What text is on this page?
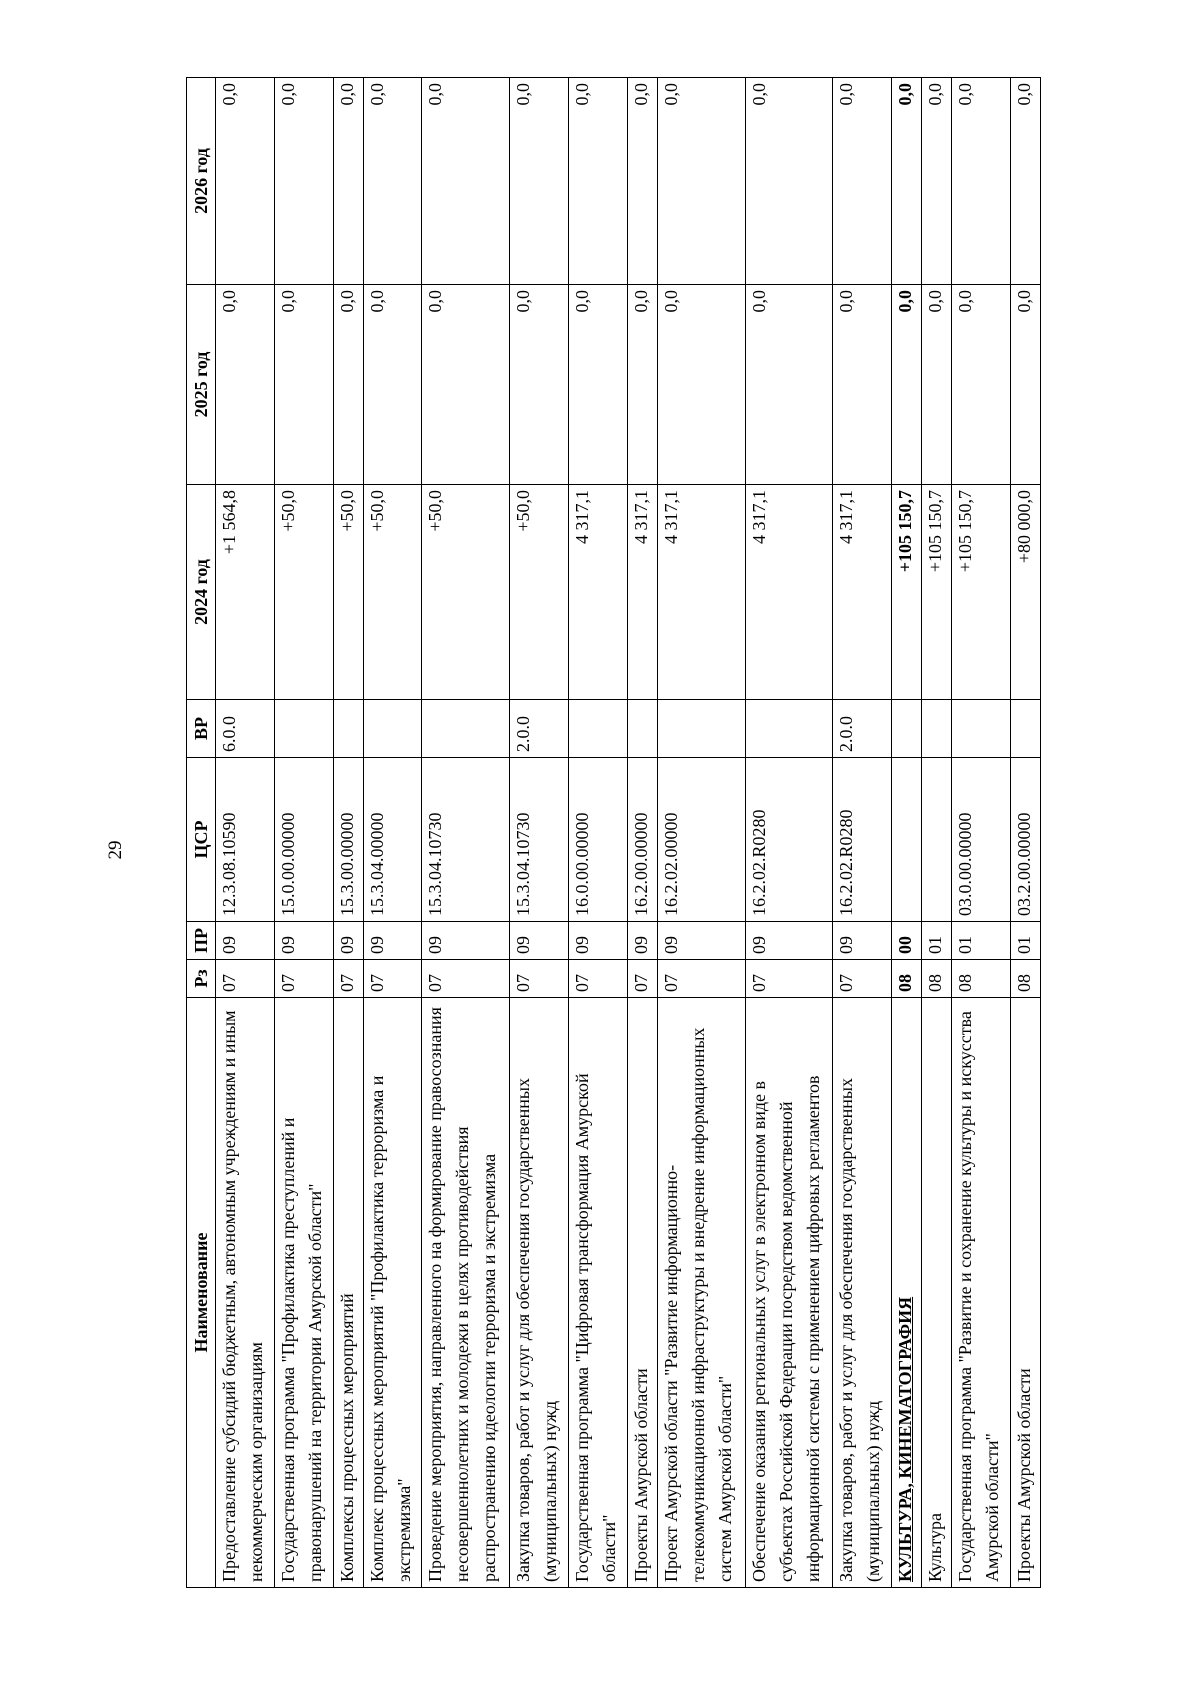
29
Наименование	Рз	ПР	ЦСР	ВР	2024 год	2025 год	2026 год
Предоставление субсидий бюджетным, автономным учреждениям и иным некоммерческим организациям	07	09	12.3.08.10590	6.0.0	+1 564,8	0,0	0,0
Государственная программа "Профилактика преступлений и правонарушений на территории Амурской области"	07	09	15.0.00.00000		+50,0	0,0	0,0
Комплексы процессных мероприятий	07	09	15.3.00.00000		+50,0	0,0	0,0
Комплекс процессных мероприятий "Профилактика терроризма и экстремизма"	07	09	15.3.04.00000		+50,0	0,0	0,0
Проведение мероприятия, направленного на формирование правосознания несовершеннолетних и молодежи в целях противодействия распространению идеологии терроризма и экстремизма	07	09	15.3.04.10730		+50,0	0,0	0,0
Закупка товаров, работ и услуг для обеспечения государственных (муниципальных) нужд	07	09	15.3.04.10730	2.0.0	+50,0	0,0	0,0
Государственная программа "Цифровая трансформация Амурской области"	07	09	16.0.00.00000		4 317,1	0,0	0,0
Проекты Амурской области	07	09	16.2.00.00000		4 317,1	0,0	0,0
Проект Амурской области "Развитие информационно-телекоммуникационной инфраструктуры и внедрение информационных систем Амурской области"	07	09	16.2.02.00000		4 317,1	0,0	0,0
Обеспечение оказания региональных услуг в электронном виде в субъектах Российской Федерации посредством ведомственной информационной системы с применением цифровых регламентов	07	09	16.2.02.R0280		4 317,1	0,0	0,0
Закупка товаров, работ и услуг для обеспечения государственных (муниципальных) нужд	07	09	16.2.02.R0280	2.0.0	4 317,1	0,0	0,0
КУЛЬТУРА, КИНЕМАТОГРАФИЯ	08	00			+105 150,7	0,0	0,0
Культура	08	01			+105 150,7	0,0	0,0
Государственная программа "Развитие и сохранение культуры и искусства Амурской области"	08	01	03.0.00.00000		+105 150,7	0,0	0,0
Проекты Амурской области	08	01	03.2.00.00000		+80 000,0	0,0	0,0
